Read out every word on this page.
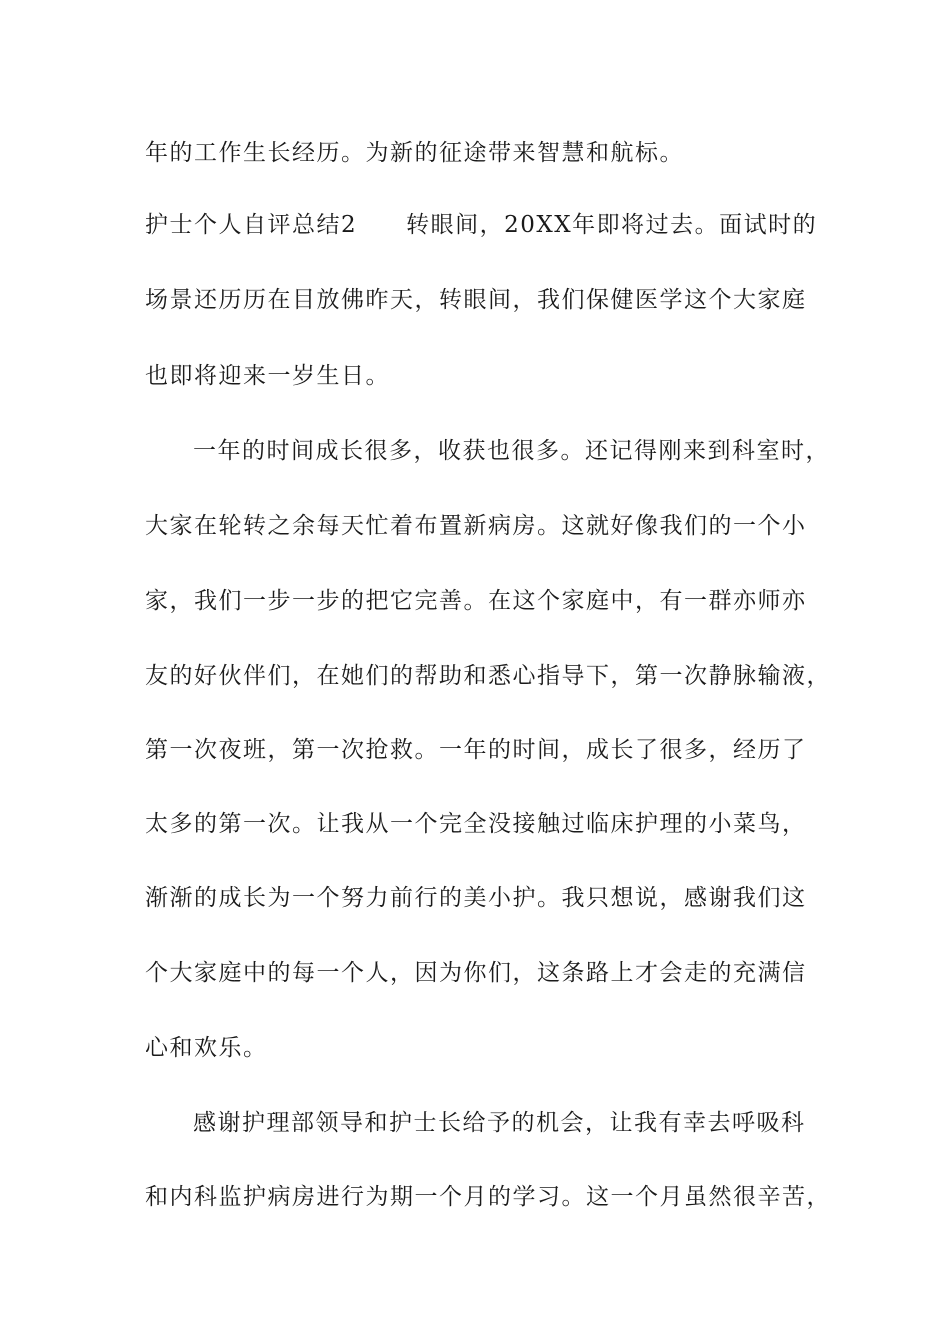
年的工作生长经历。为新的征途带来智慧和航标。
护士个人自评总结2　　转眼间，20XX年即将过去。面试时的
场景还历历在目放佛昨天，转眼间，我们保健医学这个大家庭
也即将迎来一岁生日。
一年的时间成长很多，收获也很多。还记得刚来到科室时，
大家在轮转之余每天忙着布置新病房。这就好像我们的一个小
家，我们一步一步的把它完善。在这个家庭中，有一群亦师亦
友的好伙伴们，在她们的帮助和悉心指导下，第一次静脉输液，
第一次夜班，第一次抢救。一年的时间，成长了很多，经历了
太多的第一次。让我从一个完全没接触过临床护理的小菜鸟，
渐渐的成长为一个努力前行的美小护。我只想说，感谢我们这
个大家庭中的每一个人，因为你们，这条路上才会走的充满信
心和欢乐。
感谢护理部领导和护士长给予的机会，让我有幸去呼吸科
和内科监护病房进行为期一个月的学习。这一个月虽然很辛苦，
